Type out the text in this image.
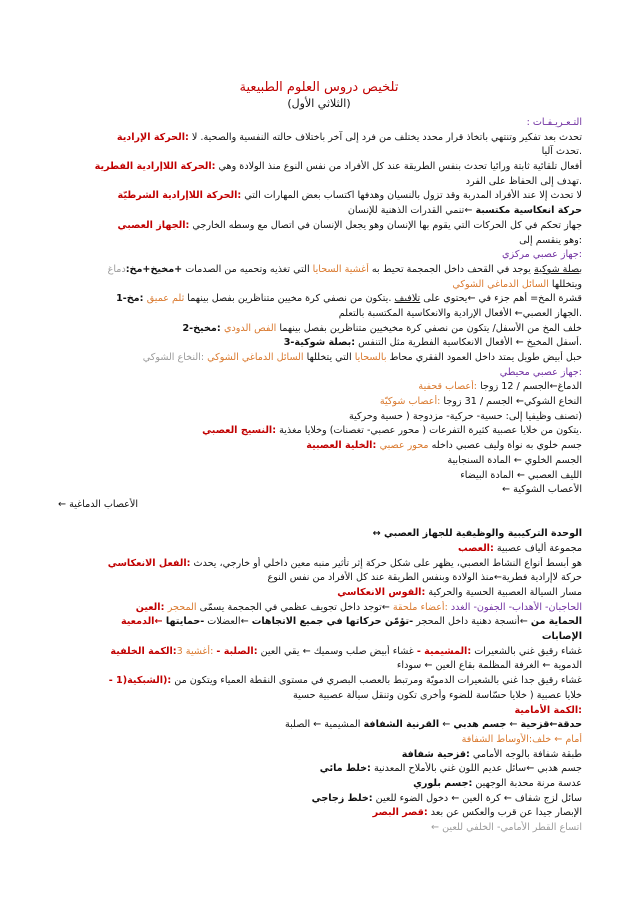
تلخيص دروس العلوم الطبيعية
(الثلاثي الأول)
التـعـريـفـات :
تحدث بعد تفكير وتنتهي باتخاذ قرار محدد يختلف من فرد إلى آخر باختلاف حالته النفسية والصحية. لا :الحركة الإرادية
.تحدث آليا
أفعال تلقائية ثابتة ورائيا تحدث بنفس الطريقة عند كل الأفراد من نفس النوع منذ الولادة وهي :الحركة اللاإرادية الفطرية
.تهدف إلى الحفاظ على الفرد
لا تحدث إلا عند الأفراد المدربة وقد تزول بالنسيان وهدفها اكتساب بعض المهارات التي :الحركة اللاإرادية الشرطيّة
حركة انعكاسية مكتسبة ←تنمي القدرات الذهنية للإنسان
جهاز تحكم في كل الحركات التي يقوم بها الإنسان وهو يجعل الإنسان في اتصال مع وسطه الخارجي :الجهاز العصبي
:وهو ينقسم إلى
:جهاز عصبي مركزي
بصلة شوكية يوجد في القحف داخل الجمجمة تحيط به أغشية السحايا التي تغذيه وتحميه من الصدمات +مخيخ+مخ:دماغ
ويتخللها السائل الدماغي الشوكي
قشرة المخ= أهم جزء في ←يحتوي على تلافيف .يتكون من نصفي كرة مخيين متناظرين بفصل بينهما ثلم عميق :مخ-1
.الجهاز العصبي← الأفعال الإرادية والانعكاسية المكتسبة بالتعلم
خلف المخ من الأسفل/ يتكون من نصفي كرة مخيخيين متناظرين بفصل بينهما الفص الدودي :مخيخ-2
.أسفل المخيخ ← الأفعال الانعكاسية الفطرية مثل التنفس :بصلة شوكية-3
حبل أبيض طويل يمتد داخل العمود الفقري محاط بالسحايا التي يتخللها السائل الدماغي الشوكي :النخاع الشوكي
:جهاز عصبي محيطي
الدماغ←الجسم / 12 زوجا :أعصاب قحفية
النخاع الشوكي← الجسم / 31 زوجا :أعصاب شوكيّة
(تصنف وظيفيا إلى: حسية- حركية- مزدوجة ( حسية وحركية
.يتكون من خلايا عصبية كثيرة التفرعات ( محور عصبي- تغصنات) وخلايا مغذية :النسيج العصبي
جسم خلوي به نواة وليف عصبي داخله محور عصبي :الخلية العصبية
الجسم الخلوي ← المادة السنجابية
الليف العصبي ← المادة البيضاء
الأعصاب الشوكية ←
الأعصاب الدماغية ←
الوحدة التركيبية والوظيفية للجهاز العصبي ↔
مجموعة ألياف عصبية :العصب
هو أبسط أنواع النشاط العصبي، يظهر على شكل حركة إثر تأثير منبه معين داخلي أو خارجي، يحدث :الفعل الانعكاسي
حركة لاإرادية فطرية←منذ الولادة وبنفس الطريقة عند كل الأفراد من نفس النوع
مسار السيالة العصبية الحسية والحركية :القوس الانعكاسي
الحاجبان- الأهداب- الجفون- الغدد :أعضاء ملحقة ←توجد داخل تجويف عظمي في الجمجمة يسمّى المحجر :العين
الحماية من ←أنسجة دهنية داخل المحجر -تؤمّن حركاتها في جميع الاتجاهات ←العضلات -حمايتها ←الدمعية
الإصابات
غشاء رقيق غني بالشعيرات :المشيمية - غشاء أبيض صلب وسميك ← يقي العين :الصلبة - :أغشية 3:الكمة الخلفية
الدموية ← الغرفة المظلمة بقاع العين ← سوداء
غشاء رقيق جدا غني بالشعيرات الدمويّة ومرتبط بالعصب البصري في مستوى النقطة العمياء ويتكون من :(الشبكية(1 -
خلايا عصبية ( خلايا حسّاسة للضوء وأخرى تكون وتنقل سيالة عصبية حسية
:الكمة الأمامية
حدقة←قزحية ← جسم هدبي ← القرنية الشفافة المشيمية ← الصلبة
أمام ← خلف:الأوساط الشفافة
طبقة شفافة بالوجه الأمامي :قزحية شفافة
جسم هدبي ←سائل عديم اللون غني بالأملاح المعدنية :خلط مائي
عدسة مرنة محدبة الوجهين :جسم بلوري
سائل لزج شفاف ← كرة العين ← دخول الضوء للعين :خلط زجاجي
الإبصار جيدا عن قرب والعكس عن بعد :قصر البصر
اتساع القطر الأمامي- الخلفي للعين ←
